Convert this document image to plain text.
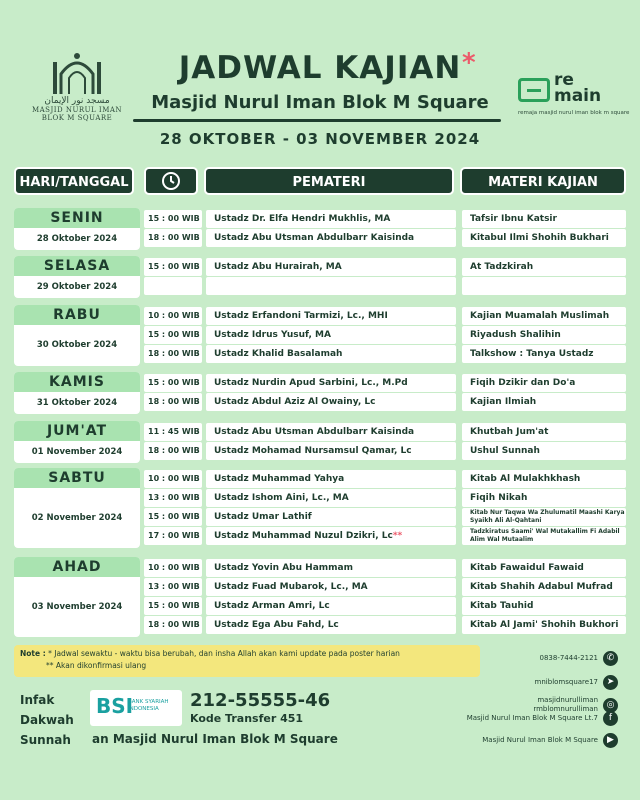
مسجد نور الإيمان
MASJID NURUL IMAN
BLOK M SQUARE
JADWAL KAJIAN *
Masjid Nurul Iman Blok M Square
28 OKTOBER - 03 NOVEMBER 2024
re
main
remaja masjid nurul iman blok m square
HARI/TANGGAL	PEMATERI	MATERI KAJIAN
SENIN
28 Oktober 2024
15 : 00 WIB	Ustadz Dr. Elfa Hendri Mukhlis, MA	Tafsir Ibnu Katsir
18 : 00 WIB	Ustadz Abu Utsman Abdulbarr Kaisinda	Kitabul Ilmi Shohih Bukhari
SELASA
29 Oktober 2024
15 : 00 WIB	Ustadz Abu Hurairah, MA	At Tadzkirah
RABU
30 Oktober 2024
10 : 00 WIB	Ustadz Erfandoni Tarmizi, Lc., MHI	Kajian Muamalah Muslimah
15 : 00 WIB	Ustadz Idrus Yusuf, MA	Riyadush Shalihin
18 : 00 WIB	Ustadz Khalid Basalamah	Talkshow : Tanya Ustadz
KAMIS
31 Oktober 2024
15 : 00 WIB	Ustadz Nurdin Apud Sarbini, Lc., M.Pd	Fiqih Dzikir dan Do'a
18 : 00 WIB	Ustadz Abdul Aziz Al Owainy, Lc	Kajian Ilmiah
JUM'AT
01 November 2024
11 : 45 WIB	Ustadz Abu Utsman Abdulbarr Kaisinda	Khutbah Jum'at
18 : 00 WIB	Ustadz Mohamad Nursamsul Qamar, Lc	Ushul Sunnah
SABTU
02 November 2024
10 : 00 WIB	Ustadz Muhammad Yahya	Kitab Al Mulakhkhash
13 : 00 WIB	Ustadz Ishom Aini, Lc., MA	Fiqih Nikah
15 : 00 WIB	Ustadz Umar Lathif	Kitab Nur Taqwa Wa Zhulumatil Maashi Karya Syaikh Ali Al-Qahtani
17 : 00 WIB	Ustadz Muhammad Nuzul Dzikri, Lc**	Tadzkiratus Saami' Wal Mutakallim Fi Adabil Alim Wal Mutaalim
AHAD
03 November 2024
10 : 00 WIB	Ustadz Yovin Abu Hammam	Kitab Fawaidul Fawaid
13 : 00 WIB	Ustadz Fuad Mubarok, Lc., MA	Kitab Shahih Adabul Mufrad
15 : 00 WIB	Ustadz Arman Amri, Lc	Kitab Tauhid
18 : 00 WIB	Ustadz Ega Abu Fahd, Lc	Kitab Al Jami' Shohih Bukhori
Note : * Jadwal sewaktu - waktu bisa berubah, dan insha Allah akan kami update pada poster harian
** Akan dikonfirmasi ulang
Infak
Dakwah
Sunnah
BSI
BANK SYARIAH
INDONESIA	212-55555-46
Kode Transfer 451
an Masjid Nurul Iman Blok M Square
0838-7444-2121 ✆
mniblomsquare17 ➤
masjidnurulliman
rmblomnurulliman ◎
Masjid Nurul Iman Blok M Square Lt.7	f
Masjid Nurul Iman Blok M Square	▶
